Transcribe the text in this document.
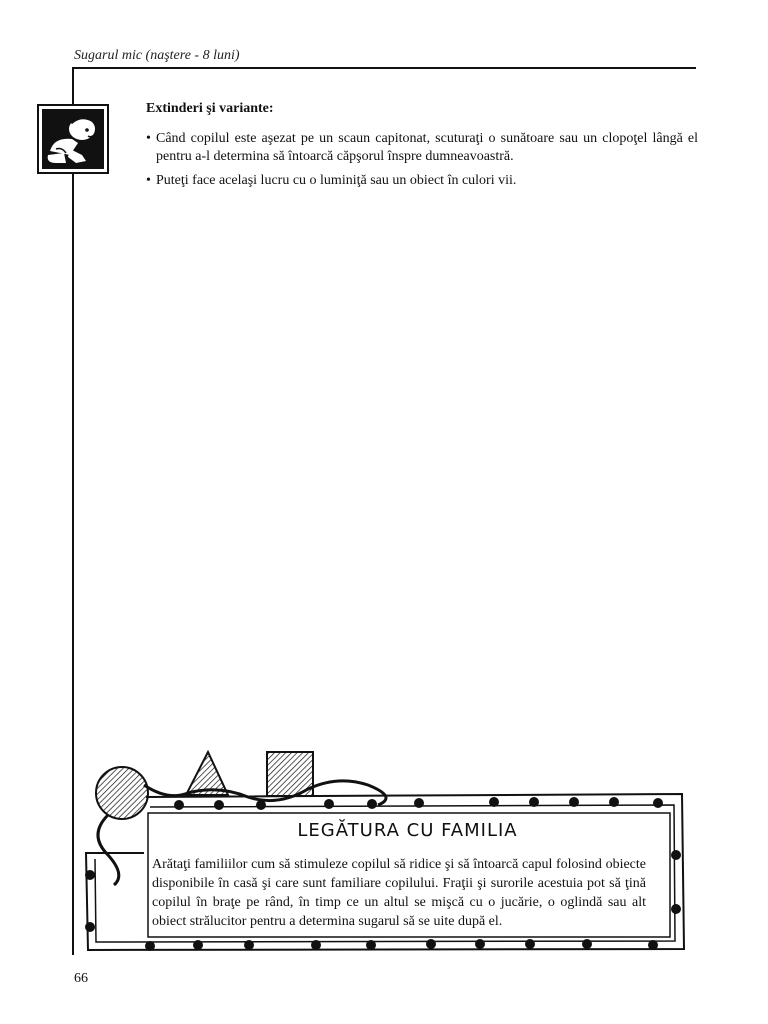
Sugarul mic (naştere - 8 luni)
Extinderi şi variante:
• Când copilul este aşezat pe un scaun capitonat, scuturaţi o sunătoare sau un clopoţel lângă el pentru a-l determina să întoarcă căpşorul înspre dumneavoastră.
• Puteţi face acelaşi lucru cu o luminiţă sau un obiect în culori vii.
LEGĂTURA CU FAMILIA
Arătaţi familiilor cum să stimuleze copilul să ridice şi să întoarcă capul folosind obiecte disponibile în casă şi care sunt familiare copilului. Fraţii şi surorile acestuia pot să ţină copilul în braţe pe rând, în timp ce un altul se mişcă cu o jucărie, o oglindă sau alt obiect strălucitor pentru a determina sugarul să se uite după el.
66
